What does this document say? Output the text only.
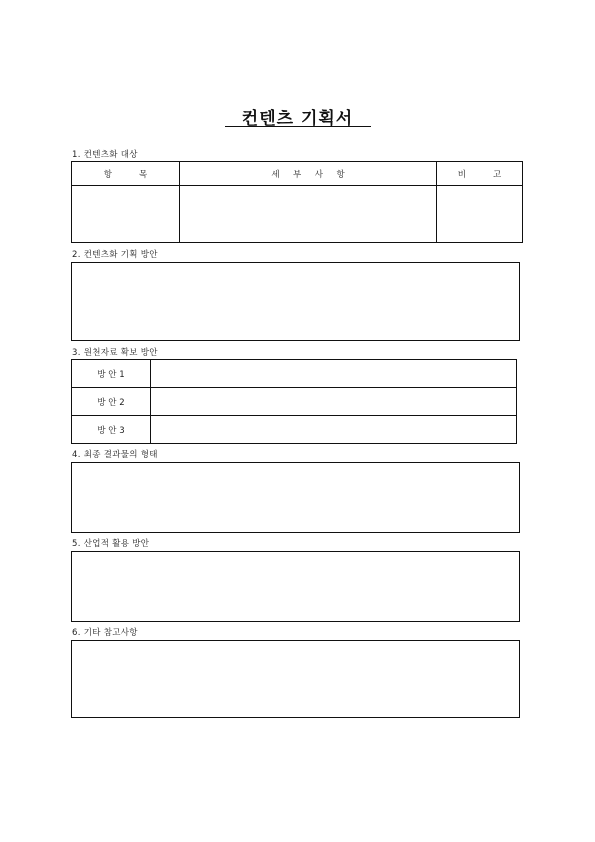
컨텐츠 기획서
1. 컨텐츠화 대상
항          목	세     부     사     항	비          고

2. 컨텐츠화 기획 방안
3. 원천자료 확보 방안
방 안 1	
방 안 2	
방 안 3	
4. 최종 결과물의 형태
5. 산업적 활용 방안
6. 기타 참고사항
